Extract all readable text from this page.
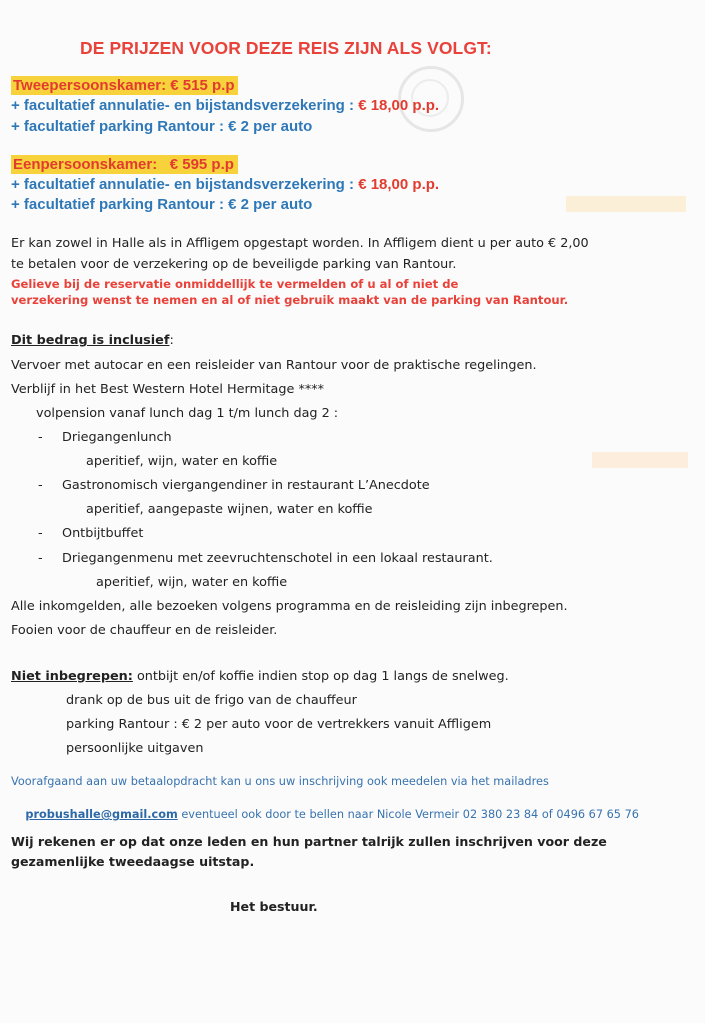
DE PRIJZEN VOOR DEZE REIS ZIJN ALS VOLGT:
Tweepersoonskamer: € 515 p.p
+ facultatief annulatie- en bijstandsverzekering : € 18,00 p.p.
+ facultatief parking Rantour : € 2 per auto
Eenpersoonskamer:   € 595 p.p
+ facultatief annulatie- en bijstandsverzekering : € 18,00 p.p.
+ facultatief parking Rantour : € 2 per auto
Er kan zowel in Halle als in Affligem opgestapt worden. In Affligem dient u per auto € 2,00
te betalen voor de verzekering op de beveiligde parking van Rantour.
Gelieve bij de reservatie onmiddellijk te vermelden of u al of niet de
verzekering wenst te nemen en al of niet gebruik maakt van de parking van Rantour.
Dit bedrag is inclusief:
Vervoer met autocar en een reisleider van Rantour voor de praktische regelingen.
Verblijf in het Best Western Hotel Hermitage ****
volpension vanaf lunch dag 1 t/m lunch dag 2 :
- Driegangenlunch
aperitief, wijn, water en koffie
- Gastronomisch viergangendiner in restaurant L’Anecdote
aperitief, aangepaste wijnen, water en koffie
- Ontbijtbuffet
- Driegangenmenu met zeevruchtenschotel in een lokaal restaurant.
aperitief, wijn, water en koffie
Alle inkomgelden, alle bezoeken volgens programma en de reisleiding zijn inbegrepen.
Fooien voor de chauffeur en de reisleider.
Niet inbegrepen: ontbijt en/of koffie indien stop op dag 1 langs de snelweg.
drank op de bus uit de frigo van de chauffeur
parking Rantour : € 2 per auto voor de vertrekkers vanuit Affligem
persoonlijke uitgaven
Voorafgaand aan uw betaalopdracht kan u ons uw inschrijving ook meedelen via het mailadres

probushalle@gmail.com eventueel ook door te bellen naar Nicole Vermeir 02 380 23 84 of 0496 67 65 76

Wij rekenen er op dat onze leden en hun partner talrijk zullen inschrijven voor deze
gezamenlijke tweedaagse uitstap.
Het bestuur.
